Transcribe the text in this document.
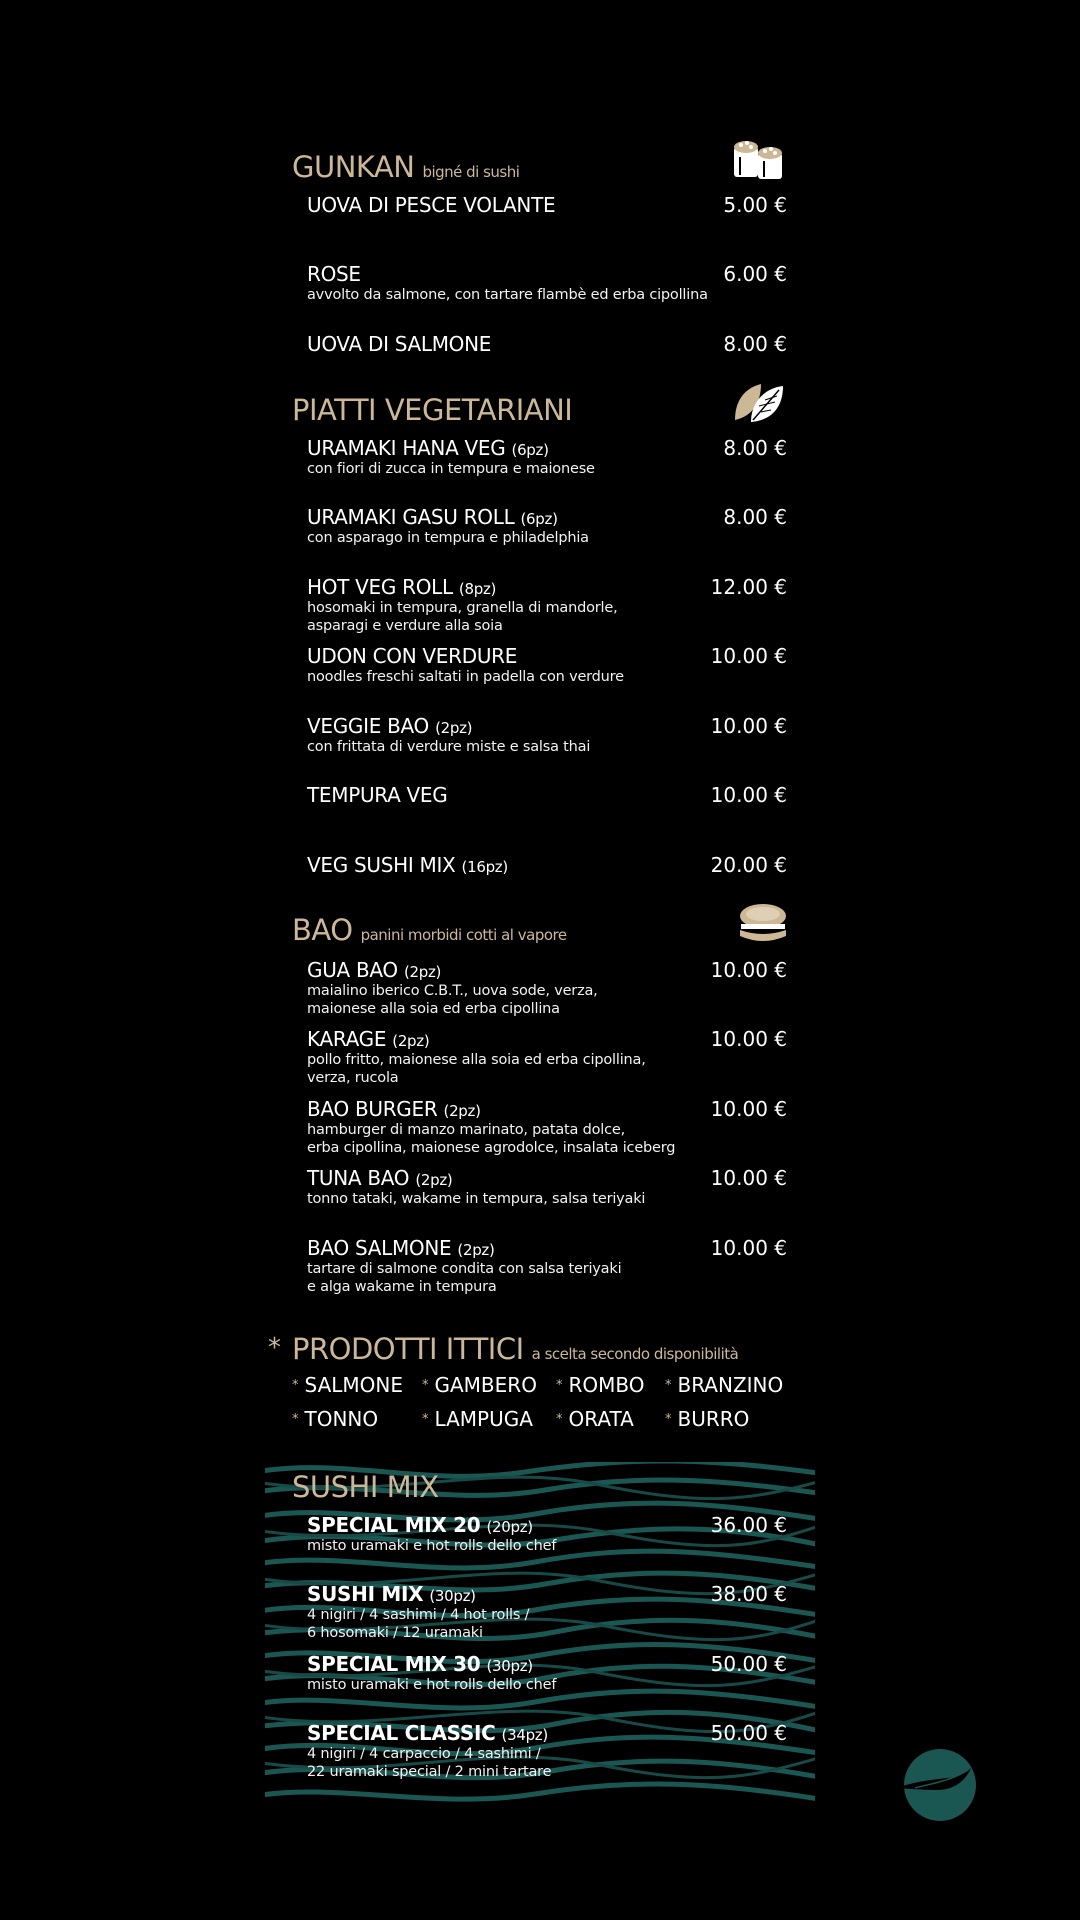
GUNKAN bigné di sushi
UOVA DI PESCE VOLANTE	5.00 €
ROSE
avvolto da salmone, con tartare flambè ed erba cipollina
6.00 €
UOVA DI SALMONE	8.00 €
PIATTI VEGETARIANI
URAMAKI HANA VEG (6pz)
con fiori di zucca in tempura e maionese
8.00 €
URAMAKI GASU ROLL (6pz)
con asparago in tempura e philadelphia
8.00 €
HOT VEG ROLL (8pz)
hosomaki in tempura, granella di mandorle,
asparagi e verdure alla soia
12.00 €
UDON CON VERDURE
noodles freschi saltati in padella con verdure
10.00 €
VEGGIE BAO (2pz)
con frittata di verdure miste e salsa thai
10.00 €
TEMPURA VEG	10.00 €
VEG SUSHI MIX (16pz)	20.00 €
BAO panini morbidi cotti al vapore
GUA BAO (2pz)
maialino iberico C.B.T., uova sode, verza,
maionese alla soia ed erba cipollina
10.00 €
KARAGE (2pz)
pollo fritto, maionese alla soia ed erba cipollina,
verza, rucola
10.00 €
BAO BURGER (2pz)
hamburger di manzo marinato, patata dolce,
erba cipollina, maionese agrodolce, insalata iceberg
10.00 €
TUNA BAO (2pz)
tonno tataki, wakame in tempura, salsa teriyaki
10.00 €
BAO SALMONE (2pz)
tartare di salmone condita con salsa teriyaki
e alga wakame in tempura
10.00 €
* PRODOTTI ITTICI a scelta secondo disponibilità
* SALMONE * GAMBERO * ROMBO * BRANZINO
* TONNO	* LAMPUGA * ORATA * BURRO
SUSHI MIX
SPECIAL MIX 20 (20pz)
misto uramaki e hot rolls dello chef
36.00 €
SUSHI MIX (30pz)
4 nigiri / 4 sashimi / 4 hot rolls /
6 hosomaki / 12 uramaki
38.00 €
SPECIAL MIX 30 (30pz)
misto uramaki e hot rolls dello chef
50.00 €
SPECIAL CLASSIC (34pz)
4 nigiri / 4 carpaccio / 4 sashimi /
22 uramaki special / 2 mini tartare
50.00 €
